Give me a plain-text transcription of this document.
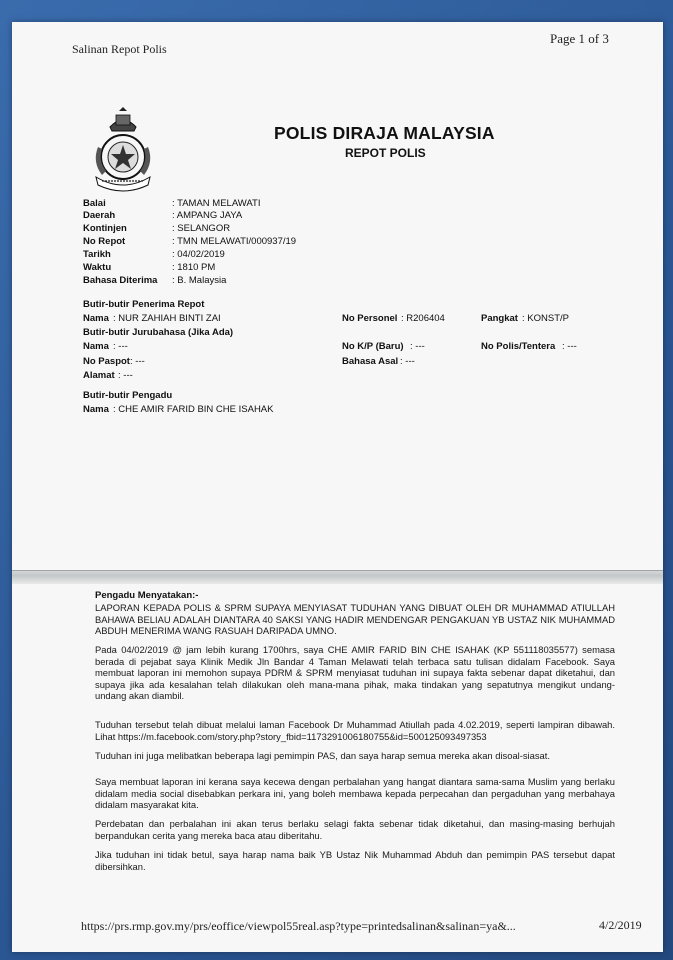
Salinan Repot Polis
Page 1 of 3
POLIS DIRAJA MALAYSIA
REPOT POLIS
Balai	: TAMAN MELAWATI
Daerah	: AMPANG JAYA
Kontinjen	: SELANGOR
No Repot	: TMN MELAWATI/000937/19
Tarikh	: 04/02/2019
Waktu	: 1810 PM
Bahasa Diterima : B. Malaysia
Butir-butir Penerima Repot
Nama : NUR ZAHIAH BINTI ZAI	No Personel : R206404	Pangkat : KONST/P
Butir-butir Jurubahasa (Jika Ada)
Nama : ---	No K/P (Baru) : ---	No Polis/Tentera : ---
No Paspot : ---	Bahasa Asal : ---
Alamat : ---
Butir-butir Pengadu
Nama : CHE AMIR FARID BIN CHE ISAHAK
Pengadu Menyatakan:-
LAPORAN KEPADA POLIS & SPRM SUPAYA MENYIASAT TUDUHAN YANG DIBUAT OLEH DR MUHAMMAD ATIULLAH BAHAWA BELIAU ADALAH DIANTARA 40 SAKSI YANG HADIR MENDENGAR PENGAKUAN YB USTAZ NIK MUHAMMAD ABDUH MENERIMA WANG RASUAH DARIPADA UMNO.
Pada 04/02/2019 @ jam lebih kurang 1700hrs, saya CHE AMIR FARID BIN CHE ISAHAK (KP 551118035577) semasa berada di pejabat saya Klinik Medik Jln Bandar 4 Taman Melawati telah terbaca satu tulisan didalam Facebook. Saya membuat laporan ini memohon supaya PDRM & SPRM menyiasat tuduhan ini supaya fakta sebenar dapat diketahui, dan supaya jika ada kesalahan telah dilakukan oleh mana-mana pihak, maka tindakan yang sepatutnya mengikut undang-undang akan diambil.
Tuduhan tersebut telah dibuat melalui laman Facebook Dr Muhammad Atiullah pada 4.02.2019, seperti lampiran dibawah. Lihat https://m.facebook.com/story.php?story_fbid=1173291006180755&id=500125093497353
Tuduhan ini juga melibatkan beberapa lagi pemimpin PAS, dan saya harap semua mereka akan disoal-siasat.
Saya membuat laporan ini kerana saya kecewa dengan perbalahan yang hangat diantara sama-sama Muslim yang berlaku didalam media social disebabkan perkara ini, yang boleh membawa kepada perpecahan dan pergaduhan yang merbahaya didalam masyarakat kita.
Perdebatan dan perbalahan ini akan terus berlaku selagi fakta sebenar tidak diketahui, dan masing-masing berhujah berpandukan cerita yang mereka baca atau diberitahu.
Jika tuduhan ini tidak betul, saya harap nama baik YB Ustaz Nik Muhammad Abduh dan pemimpin PAS tersebut dapat dibersihkan.
https://prs.rmp.gov.my/prs/eoffice/viewpol55real.asp?type=printedsalinan&salinan=ya&...	4/2/2019
